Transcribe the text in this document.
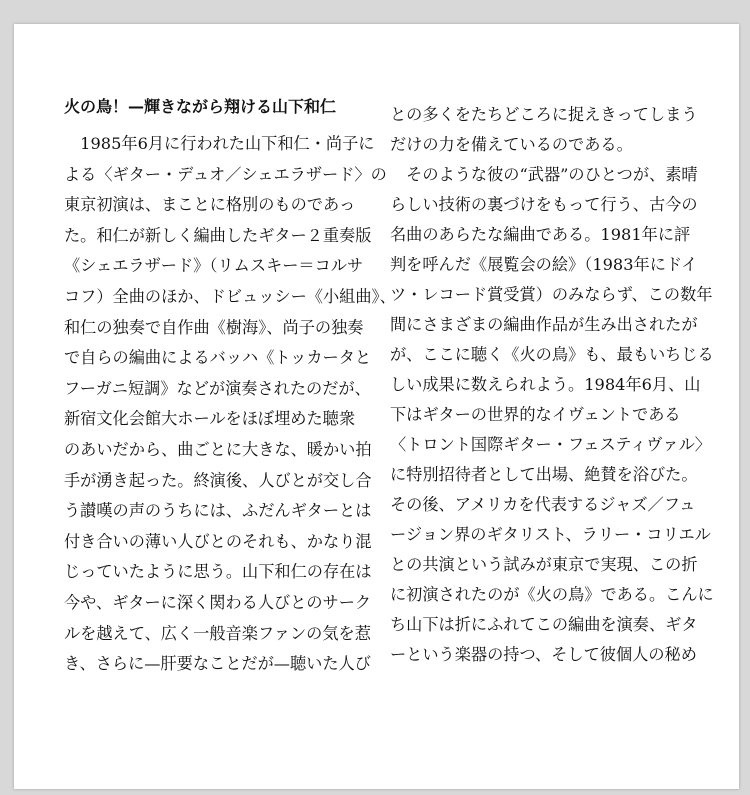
火の鳥！—輝きながら翔ける山下和仁

　1985年6月に行われた山下和仁・尚子に

よる〈ギター・デュオ／シェエラザード〉の

東京初演は、まことに格別のものであっ

た。和仁が新しく編曲したギター２重奏版

《シェエラザード》（リムスキー＝コルサ

コフ）全曲のほか、ドビュッシー《小組曲》、

和仁の独奏で自作曲《樹海》、尚子の独奏

で自らの編曲によるバッハ《トッカータと

フーガニ短調》などが演奏されたのだが、

新宿文化会館大ホールをほぼ埋めた聴衆

のあいだから、曲ごとに大きな、暖かい拍

手が湧き起った。終演後、人びとが交し合

う讃嘆の声のうちには、ふだんギターとは

付き合いの薄い人びとのそれも、かなり混

じっていたように思う。山下和仁の存在は

今や、ギターに深く関わる人びとのサーク

ルを越えて、広く一般音楽ファンの気を惹

き、さらに—肝要なことだが—聴いた人び

との多くをたちどころに捉えきってしまう

だけの力を備えているのである。

　そのような彼の“武器”のひとつが、素晴

らしい技術の裏づけをもって行う、古今の

名曲のあらたな編曲である。1981年に評

判を呼んだ《展覧会の絵》（1983年にドイ

ツ・レコード賞受賞）のみならず、この数年

間にさまざまの編曲作品が生み出されたが

が、ここに聴く《火の鳥》も、最もいちじる

しい成果に数えられよう。1984年6月、山

下はギターの世界的なイヴェントである

〈トロント国際ギター・フェスティヴァル〉

に特別招待者として出場、絶賛を浴びた。

その後、アメリカを代表するジャズ／フュ

ージョン界のギタリスト、ラリー・コリエル

との共演という試みが東京で実現、この折

に初演されたのが《火の鳥》である。こんに

ち山下は折にふれてこの編曲を演奏、ギタ

ーという楽器の持つ、そして彼個人の秘め
